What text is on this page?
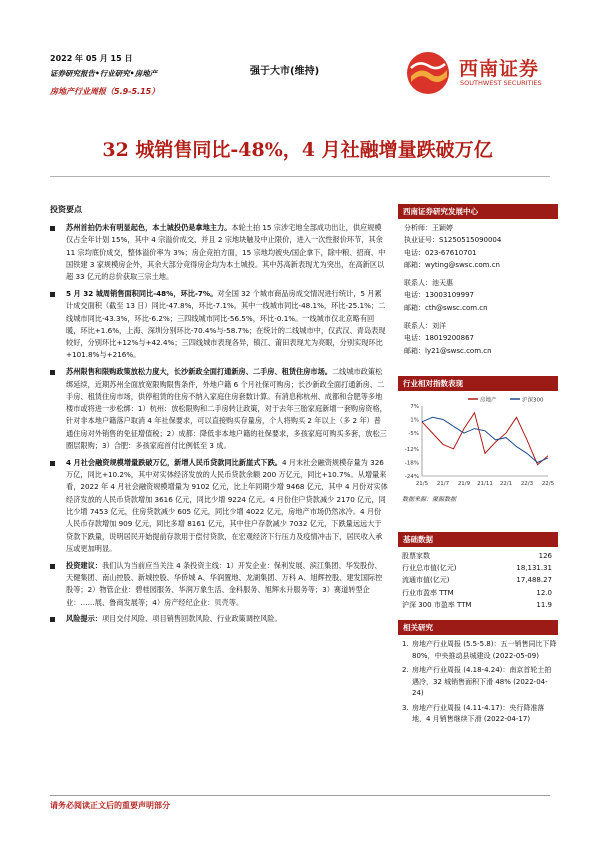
2022 年 05 月 15 日
证券研究报告•行业研究•房地产
房地产行业周报（5.9-5.15）
强于大市(维持)	西南证券
SOUTHWEST SECURITIES
32 城销售同比-48%，4 月社融增量跌破万亿
投资要点
苏州首拍仍未有明显起色，本土城投仍是拿地主力。本轮土拍 15 宗涉宅地全部成功出让，供应规模仅占全年计划 15%，其中 4 宗溢价成交、并且 2 宗地块触及中止限价，进入一次性报价环节，其余 11 宗均底价成交，整体溢价率为 3%；房企竞拍方面，15 宗地均被央/国企拿下，除中粮、招商、中国铁建 3 家规模房企外，其余大部分竞得房企均为本土城投。其中苏高新表现尤为突出，在高新区以超 33 亿元的总价获取三宗土地。
5 月 32 城周销售面积同比-48%，环比-7%。对全国 32 个城市商品房成交情况进行统计，5 月累计成交面积（截至 13 日）同比-47.8%，环比-7.1%。其中一线城市同比-48.1%，环比-25.1%；二线城市同比-43.3%，环比-6.2%；三四线城市同比-56.5%，环比-0.1%。一线城市仅北京略有回暖，环比+1.6%，上海、深圳分别环比-70.4%与-58.7%；在统计的二线城市中，仅武汉、青岛表现较好，分别环比+12%与+42.4%；三四线城市表现各异，镇江、莆田表现尤为亮眼，分别实现环比+101.8%与+216%。
苏州限售和限购政策放松力度大，长沙新政全面打通新房、二手房、租赁住房市场。二线城市政策松绑延续，近期苏州全面放宽限购限售条件，外地户籍 6 个月社保可购房；长沙新政全面打通新房、二手房、租赁住房市场，供停租赁的住房不纳入家庭住房套数计算。有消息称杭州、成都和合肥等多地楼市或将进一步松绑：1）杭州：放松限购和二手房转让政策，对于去年三胎家庭新增一套购房资格，针对非本地户籍落户取消 4 年社保要求，可以直接购买存量房，个人将购买 2 年以上（多 2 年）普通住房对外销售的免征增值税；2）成都：降低非本地户籍的社保要求，多孩家庭可购买多套，放松三圈层限购；3）合肥：多孩家庭首付比例低至 3 成。
4 月社会融资规模增量跌破万亿，新增人民币贷款同比新崖式下跌。4 月末社会融资规模存量为 326 万亿，同比+10.2%，其中对实体经济发放的人民币贷款余额 200 万亿元，同比+10.7%。从增量来看，2022 年 4 月社会融资规模增量为 9102 亿元，比上年同期少增 9468 亿元，其中 4 月份对实体经济发放的人民币贷款增加 3616 亿元，同比少增 9224 亿元。4 月份住户贷款减少 2170 亿元，同比少增 7453 亿元，住房贷款减少 605 亿元，同比少增 4022 亿元，房地产市场仍然冰冷。4 月份人民币存款增加 909 亿元，同比多增 8161 亿元，其中住户存款减少 7032 亿元，下跌量远远大于贷款下跌量，说明居民开始提前存款用于偿付贷款，在宏观经济下行压力及疫情冲击下，居民收入承压或更加明显。
投资建议：我们认为当前应当关注 4 条投资主线：1）开发企业：保利发展、滨江集团、华发股份、天健集团、南山控股、新城控股、华侨城 A、华润置地、龙湖集团、万科 A、旭辉控股、建发国际控股等；2）物管企业：碧桂园服务、华润万象生活、金科服务、旭辉永升服务等；3）赛道转型企业：……展、鲁商发展等；4）房产经纪企业：贝壳等。
风险提示：项目交付风险、项目销售回款风险、行业政策调控风险。
西南证券研究发展中心
分析师：王颖婷
执业证号：S1250515090004
电话：023-67610701
邮箱：wyting@swsc.com.cn
联系人：池天惠
电话：13003109997
邮箱：cth@swsc.com.cn
联系人：刘洋
电话：18019200867
邮箱：ly21@swsc.com.cn
行业相对指数表现
房地产	沪深300
7%
1%
-5%
-12%
-18%
-24%
21/5 21/7 21/9 21/11 22/1 22/3 22/5
数据来源：聚源数据
基础数据
股票家数	126
行业总市值(亿元)	18,131.31
流通市值(亿元)	17,488.27
行业市盈率 TTM	12.0
沪深 300 市盈率 TTM	11.9
相关研究
1. 房地产行业周报 (5.5-5.8)：五一销售同比下降 80%，中央推动县城建设 (2022-05-09)
2. 房地产行业周报 (4.18-4.24)：南京首轮土拍遇冷，32 城销售面积下滑 48% (2022-04-24)
3. 房地产行业周报 (4.11-4.17)：央行降准落地，4 月销售继续下滑 (2022-04-17)
请务必阅读正文后的重要声明部分
